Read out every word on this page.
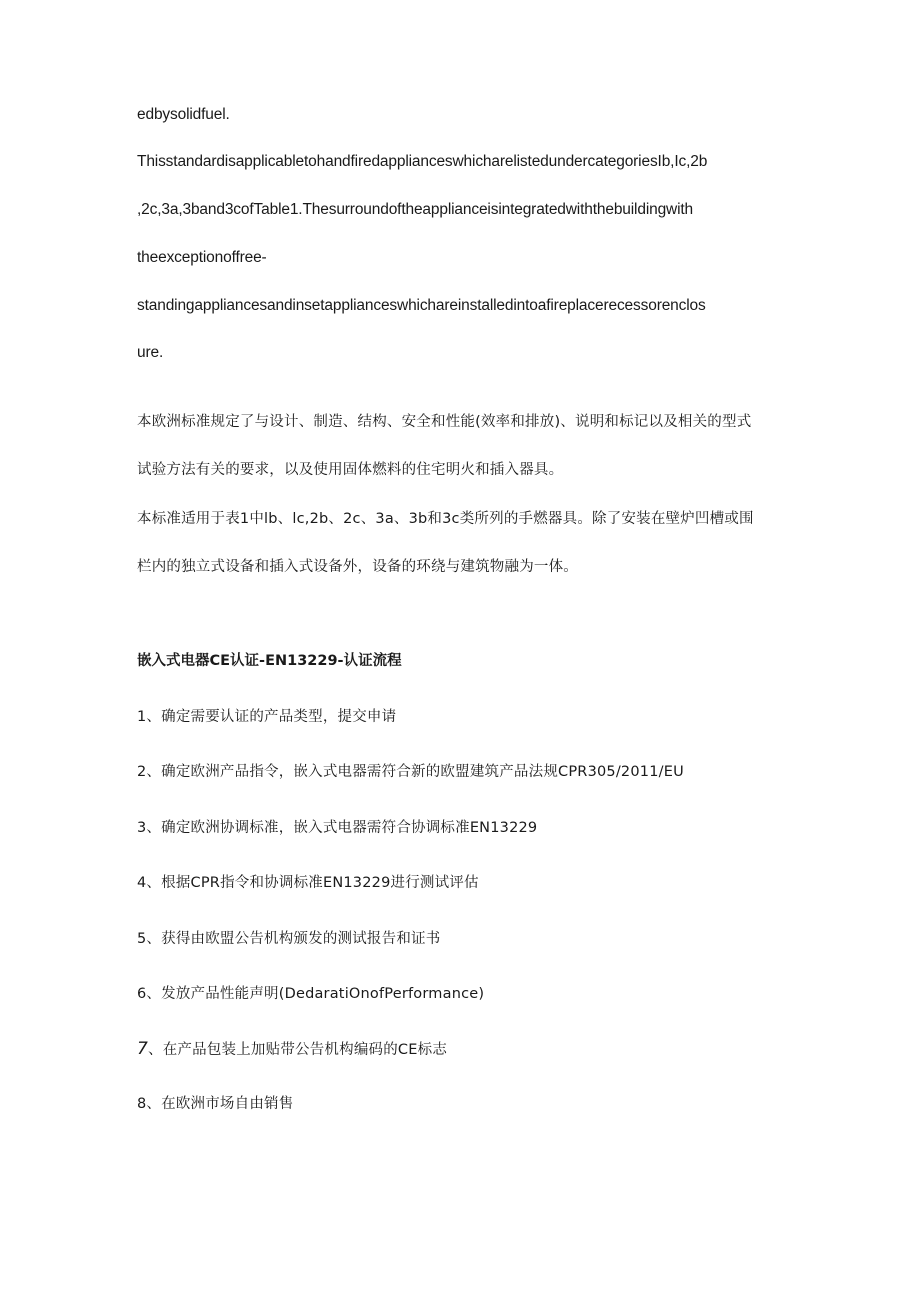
edbysolidfuel.
ThisstandardisapplicabletohandfiredapplianceswhicharelistedundercategoriesIb,Ic,2b
,2c,3a,3band3cofTable1.Thesurroundoftheapplianceisintegratedwiththebuildingwith
theexceptionoffree-
standingappliancesandinsetapplianceswhichareinstalledintoafireplacerecessorenclos
ure.
本欧洲标准规定了与设计、制造、结构、安全和性能(效率和排放)、说明和标记以及相关的型式
试验方法有关的要求，以及使用固体燃料的住宅明火和插入器具。
本标准适用于表1中lb、lc,2b、2c、3a、3b和3c类所列的手燃器具。除了安装在壁炉凹槽或围
栏内的独立式设备和插入式设备外，设备的环绕与建筑物融为一体。
嵌入式电器CE认证-EN13229-认证流程
1、确定需要认证的产品类型，提交申请
2、确定欧洲产品指令，嵌入式电器需符合新的欧盟建筑产品法规CPR305/2011/EU
3、确定欧洲协调标准，嵌入式电器需符合协调标准EN13229
4、根据CPR指令和协调标准EN13229进行测试评估
5、获得由欧盟公告机构颁发的测试报告和证书
6、发放产品性能声明(DedaratiOnofPerformance)
7、在产品包装上加贴带公告机构编码的CE标志
8、在欧洲市场自由销售
